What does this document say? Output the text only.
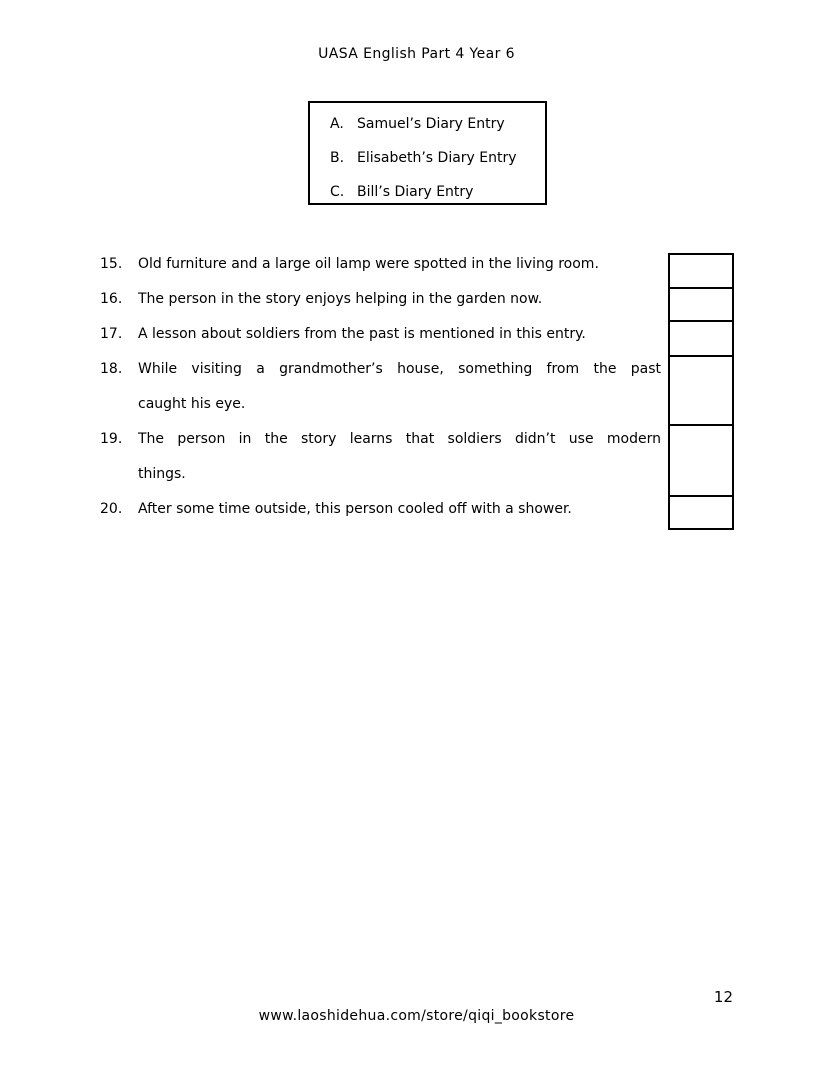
UASA English Part 4 Year 6
A. Samuel’s Diary Entry
B. Elisabeth’s Diary Entry
C. Bill’s Diary Entry
15.	Old furniture and a large oil lamp were spotted in the living room.
16.	The person in the story enjoys helping in the garden now.
17.	A lesson about soldiers from the past is mentioned in this entry.
18.	While visiting a grandmother’s house, something from the past
caught his eye.
19.	The person in the story learns that soldiers didn’t use modern
things.
20.	After some time outside, this person cooled off with a shower.
12
www.laoshidehua.com/store/qiqi_bookstore
